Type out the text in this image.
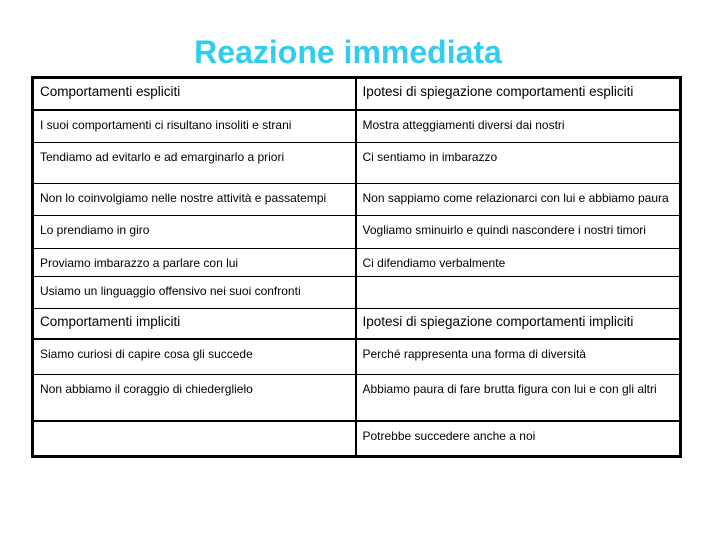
Reazione immediata
Comportamenti espliciti	Ipotesi di spiegazione comportamenti espliciti
I suoi comportamenti ci risultano insoliti e strani	Mostra atteggiamenti diversi dai nostri
Tendiamo ad evitarlo e ad emarginarlo a priori	Ci sentiamo in imbarazzo
Non lo coinvolgiamo nelle nostre attività e passatempi	Non sappiamo come relazionarci con lui e abbiamo paura
Lo prendiamo in giro	Vogliamo sminuirlo e quindi nascondere i nostri timori
Proviamo imbarazzo a parlare con lui	Ci difendiamo verbalmente
Usiamo un linguaggio offensivo nei suoi confronti	
Comportamenti impliciti	Ipotesi di spiegazione comportamenti impliciti
Siamo curiosi di capire cosa gli succede	Perché rappresenta una forma di diversità
Non abbiamo il coraggio di chiederglielo	Abbiamo paura di fare brutta figura con lui e con gli altri
	Potrebbe succedere anche a noi
